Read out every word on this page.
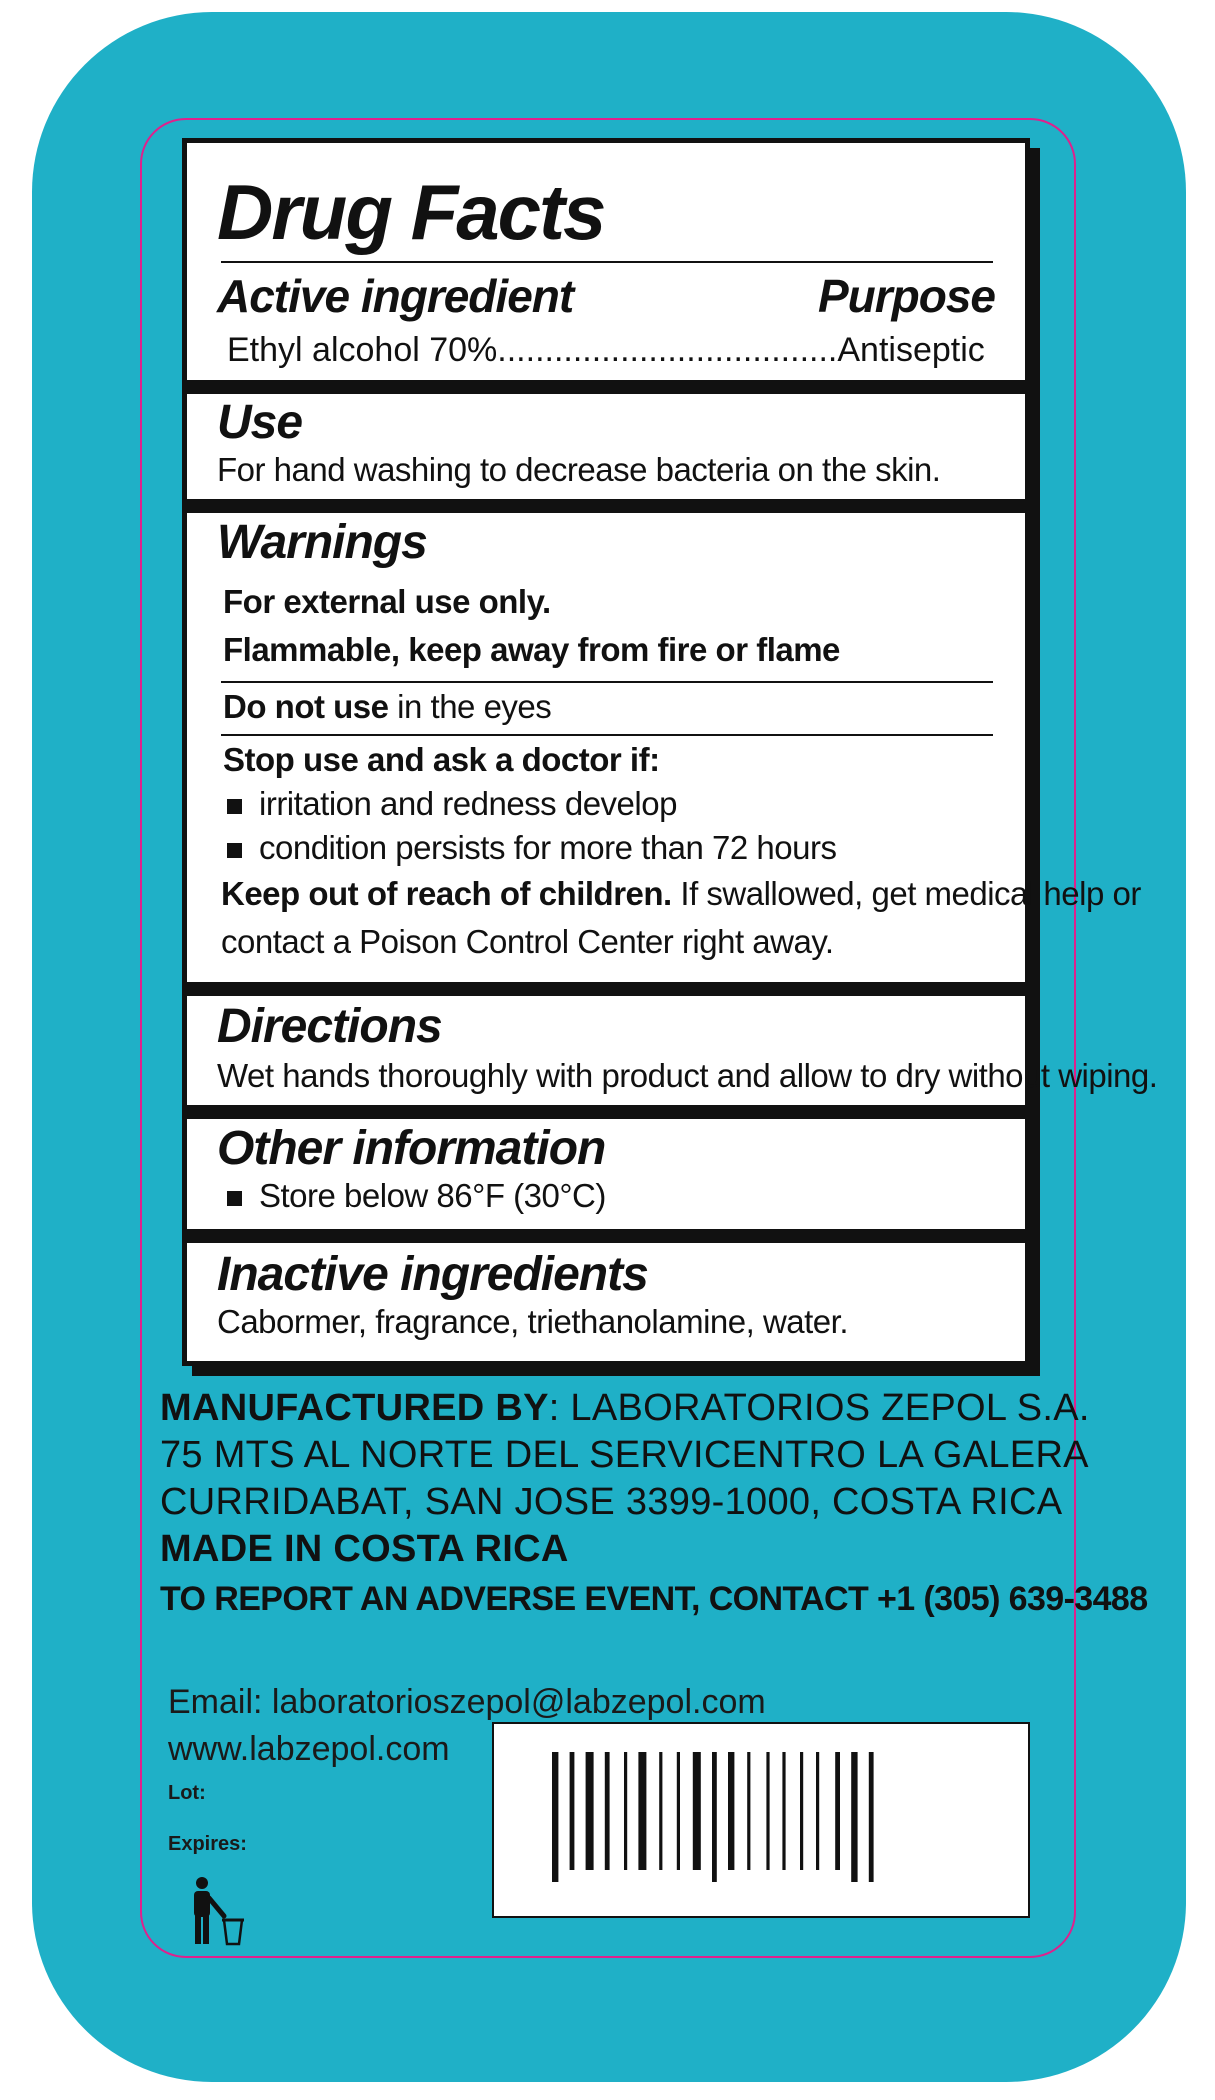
Drug Facts
Active ingredient	Purpose
Ethyl alcohol 70%....................................Antiseptic
Use
For hand washing to decrease bacteria on the skin.
Warnings
For external use only.
Flammable, keep away from fire or flame
Do not use in the eyes
Stop use and ask a doctor if:
irritation and redness develop
condition persists for more than 72 hours
Keep out of reach of children. If swallowed, get medical help or
contact a Poison Control Center right away.
Directions
Wet hands thoroughly with product and allow to dry without wiping.
Other information
Store below 86°F (30°C)
Inactive ingredients
Cabormer, fragrance, triethanolamine, water.
MANUFACTURED BY: LABORATORIOS ZEPOL S.A.
75 MTS AL NORTE DEL SERVICENTRO LA GALERA
CURRIDABAT, SAN JOSE 3399-1000, COSTA RICA
MADE IN COSTA RICA
TO REPORT AN ADVERSE EVENT, CONTACT +1 (305) 639-3488
Email: laboratorioszepol@labzepol.com
www.labzepol.com
Lot:
Expires:
